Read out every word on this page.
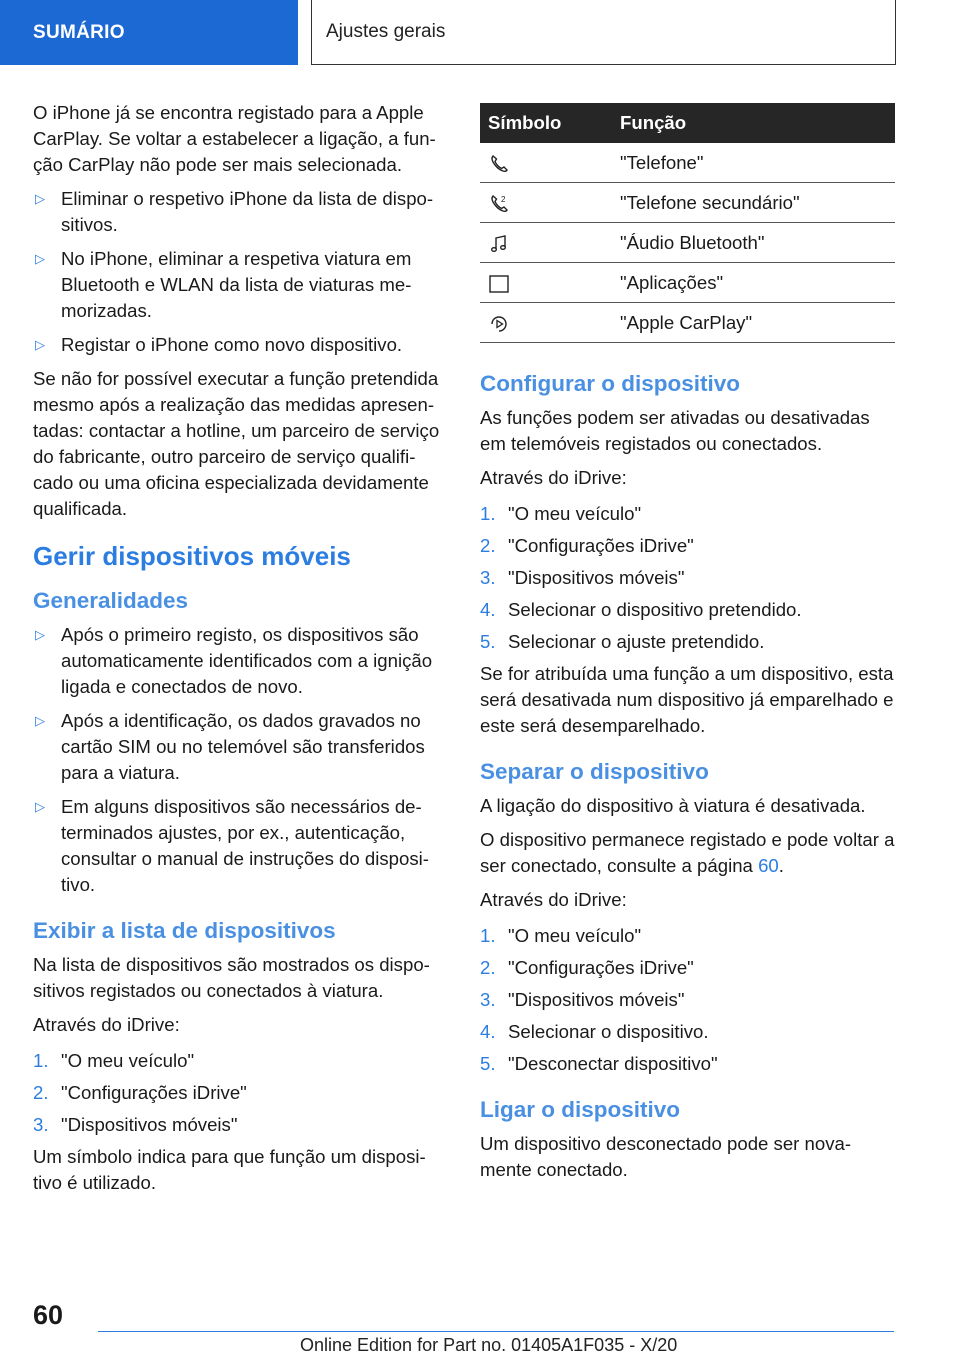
SUMÁRIO	Ajustes gerais

O iPhone já se encontra registado para a Apple CarPlay. Se voltar a estabelecer a ligação, a função CarPlay não pode ser mais selecionada.

▷ Eliminar o respetivo iPhone da lista de dispositivos.
▷ No iPhone, eliminar a respetiva viatura em Bluetooth e WLAN da lista de viaturas memorizadas.
▷ Registar o iPhone como novo dispositivo.

Se não for possível executar a função pretendida mesmo após a realização das medidas apresentadas: contactar a hotline, um parceiro de serviço do fabricante, outro parceiro de serviço qualificado ou uma oficina especializada devidamente qualificada.

Gerir dispositivos móveis
Generalidades
▷ Após o primeiro registo, os dispositivos são automaticamente identificados com a ignição ligada e conectados de novo.
▷ Após a identificação, os dados gravados no cartão SIM ou no telemóvel são transferidos para a viatura.
▷ Em alguns dispositivos são necessários determinados ajustes, por ex., autenticação, consultar o manual de instruções do dispositivo.
Exibir a lista de dispositivos

Na lista de dispositivos são mostrados os dispositivos registados ou conectados à viatura.

Através do iDrive:

1. "O meu veículo"
2. "Configurações iDrive"
3. "Dispositivos móveis"

Um símbolo indica para que função um dispositivo é utilizado.

Símbolo	Função
	"Telefone"

2	"Telefone secundário"
	"Áudio Bluetooth"
	"Aplicações"
	"Apple CarPlay"
Configurar o dispositivo

As funções podem ser ativadas ou desativadas em telemóveis registados ou conectados.

Através do iDrive:

1. "O meu veículo"
2. "Configurações iDrive"
3. "Dispositivos móveis"
4. Selecionar o dispositivo pretendido.
5. Selecionar o ajuste pretendido.

Se for atribuída uma função a um dispositivo, esta será desativada num dispositivo já emparelhado e este será desemparelhado.

Separar o dispositivo

A ligação do dispositivo à viatura é desativada.

O dispositivo permanece registado e pode voltar a ser conectado, consulte a página 60.

Através do iDrive:

1. "O meu veículo"
2. "Configurações iDrive"
3. "Dispositivos móveis"
4. Selecionar o dispositivo.
5. "Desconectar dispositivo"
Ligar o dispositivo

Um dispositivo desconectado pode ser novamente conectado.

60
Online Edition for Part no. 01405A1F035 - X/20
